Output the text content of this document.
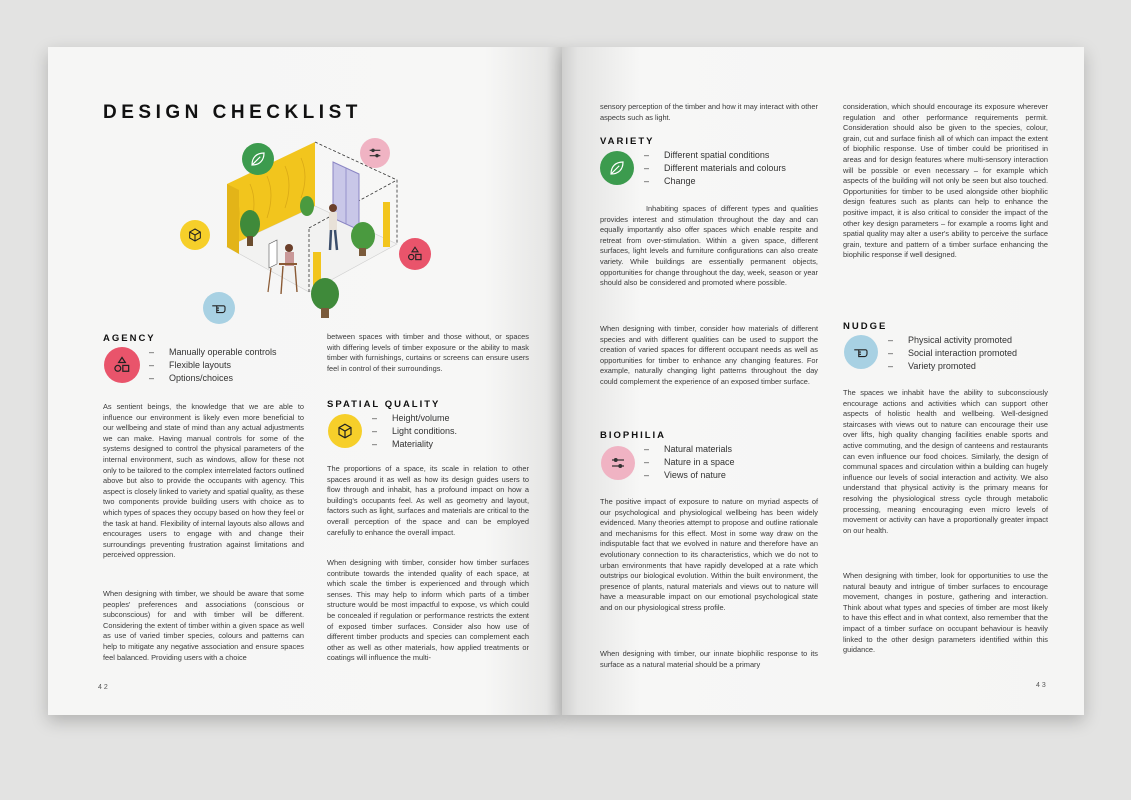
DESIGN CHECKLIST
AGENCY
– Manually operable controls
– Flexible layouts
– Options/choices

As sentient beings, the knowledge that we are able to influence our environment is likely even more beneficial to our wellbeing and state of mind than any actual adjustments we can make. Having manual controls for some of the systems designed to control the physical parameters of the internal environment, such as windows, allow for these not only to be tailored to the complex interrelated factors outlined above but also to provide the occupants with agency. This aspect is closely linked to variety and spatial quality, as these two components provide building users with choice as to which types of spaces they occupy based on how they feel or the task at hand. Flexibility of internal layouts also allows and encourages users to engage with and change their surroundings preventing frustration against limitations and perceived oppression.

When designing with timber, we should be aware that some peoples' preferences and associations (conscious or subconscious) for and with timber will be different. Considering the extent of timber within a given space as well as use of varied timber species, colours and patterns can help to mitigate any negative association and ensure spaces feel balanced. Providing users with a choice

42

between spaces with timber and those without, or spaces with differing levels of timber exposure or the ability to mask timber with furnishings, curtains or screens can ensure users feel in control of their surroundings.

SPATIAL QUALITY
– Height/volume
– Light conditions.
– Materiality

The proportions of a space, its scale in relation to other spaces around it as well as how its design guides users to flow through and inhabit, has a profound impact on how a building's occupants feel. As well as geometry and layout, factors such as light, surfaces and materials are critical to the overall perception of the space and can be employed carefully to enhance the overall impact.

When designing with timber, consider how timber surfaces contribute towards the intended quality of each space, at which scale the timber is experienced and through which senses. This may help to inform which parts of a timber structure would be most impactful to expose, vs which could be concealed if regulation or performance restricts the extent of exposed timber surfaces. Consider also how use of different timber products and species can complement each other as well as other materials, how applied treatments or coatings will influence the multi-

sensory perception of the timber and how it may interact with other aspects such as light.

VARIETY
– Different spatial conditions
– Different materials and colours
– Change

Inhabiting spaces of different types and qualities provides interest and stimulation throughout the day and can equally importantly also offer spaces which enable respite and retreat from over-stimulation. Within a given space, different surfaces, light levels and furniture configurations can also create variety. While buildings are essentially permanent objects, opportunities for change throughout the day, week, season or year should also be considered and promoted where possible.

When designing with timber, consider how materials of different species and with different qualities can be used to support the creation of varied spaces for different occupant needs as well as opportunities for timber to enhance any changing features. For example, naturally changing light patterns throughout the day could complement the experience of an exposed timber surface.

BIOPHILIA
– Natural materials
– Nature in a space
– Views of nature

The positive impact of exposure to nature on myriad aspects of our psychological and physiological wellbeing has been widely evidenced. Many theories attempt to propose and outline rationale and mechanisms for this effect. Most in some way draw on the indisputable fact that we evolved in nature and therefore have an evolutionary connection to its characteristics, which we do not to urban environments that have rapidly developed at a rate which outstrips our biological evolution. Within the built environment, the presence of plants, natural materials and views out to nature will have a measurable impact on our emotional psychological state and on our physiological stress profile.

When designing with timber, our innate biophilic response to its surface as a natural material should be a primary

consideration, which should encourage its exposure wherever regulation and other performance requirements permit. Consideration should also be given to the species, colour, grain, cut and surface finish all of which can impact the extent of biophilic response. Use of timber could be prioritised in areas and for design features where multi-sensory interaction will be possible or even necessary – for example which aspects of the building will not only be seen but also touched. Opportunities for timber to be used alongside other biophilic design features such as plants can help to enhance the positive impact, it is also critical to consider the impact of the other key design parameters – for example a rooms light and spatial quality may alter a user's ability to perceive the surface grain, texture and pattern of a timber surface enhancing the biophilic response if well designed.

NUDGE
– Physical activity promoted
– Social interaction promoted
– Variety promoted

The spaces we inhabit have the ability to subconsciously encourage actions and activities which can support other aspects of holistic health and wellbeing. Well-designed staircases with views out to nature can encourage their use over lifts, high quality changing facilities enable sports and active commuting, and the design of canteens and restaurants can even influence our food choices. Similarly, the design of communal spaces and circulation within a building can hugely influence our levels of social interaction and activity. We also understand that physical activity is the primary means for resolving the physiological stress cycle through metabolic processing, meaning encouraging even micro levels of movement or activity can have a proportionally greater impact on our health.

When designing with timber, look for opportunities to use the natural beauty and intrigue of timber surfaces to encourage movement, changes in posture, gathering and interaction. Think about what types and species of timber are most likely to have this effect and in what context, also remember that the impact of a timber surface on occupant behaviour is heavily linked to the other design parameters identified within this guidance.

43
